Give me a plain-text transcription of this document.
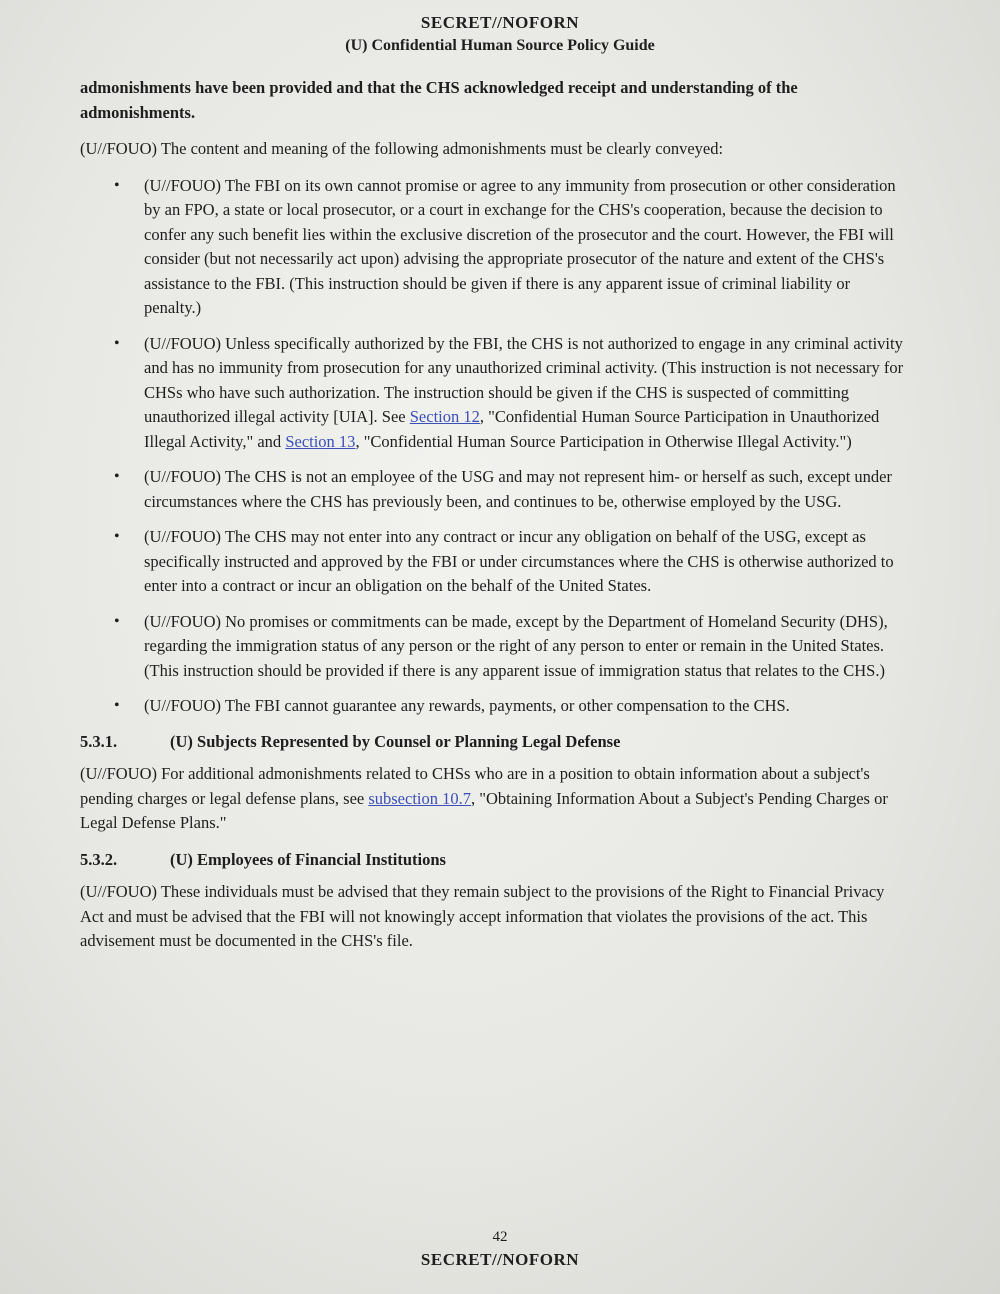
SECRET//NOFORN
(U) Confidential Human Source Policy Guide

admonishments have been provided and that the CHS acknowledged receipt and understanding of the admonishments.

(U//FOUO) The content and meaning of the following admonishments must be clearly conveyed:

• (U//FOUO) The FBI on its own cannot promise or agree to any immunity from prosecution or other consideration by an FPO, a state or local prosecutor, or a court in exchange for the CHS's cooperation, because the decision to confer any such benefit lies within the exclusive discretion of the prosecutor and the court. However, the FBI will consider (but not necessarily act upon) advising the appropriate prosecutor of the nature and extent of the CHS's assistance to the FBI. (This instruction should be given if there is any apparent issue of criminal liability or penalty.)
• (U//FOUO) Unless specifically authorized by the FBI, the CHS is not authorized to engage in any criminal activity and has no immunity from prosecution for any unauthorized criminal activity. (This instruction is not necessary for CHSs who have such authorization. The instruction should be given if the CHS is suspected of committing unauthorized illegal activity [UIA]. See Section 12, "Confidential Human Source Participation in Unauthorized Illegal Activity," and Section 13, "Confidential Human Source Participation in Otherwise Illegal Activity.")
• (U//FOUO) The CHS is not an employee of the USG and may not represent him- or herself as such, except under circumstances where the CHS has previously been, and continues to be, otherwise employed by the USG.
• (U//FOUO) The CHS may not enter into any contract or incur any obligation on behalf of the USG, except as specifically instructed and approved by the FBI or under circumstances where the CHS is otherwise authorized to enter into a contract or incur an obligation on the behalf of the United States.
• (U//FOUO) No promises or commitments can be made, except by the Department of Homeland Security (DHS), regarding the immigration status of any person or the right of any person to enter or remain in the United States. (This instruction should be provided if there is any apparent issue of immigration status that relates to the CHS.)
• (U//FOUO) The FBI cannot guarantee any rewards, payments, or other compensation to the CHS.
5.3.1.	(U) Subjects Represented by Counsel or Planning Legal Defense

(U//FOUO) For additional admonishments related to CHSs who are in a position to obtain information about a subject's pending charges or legal defense plans, see subsection 10.7, "Obtaining Information About a Subject's Pending Charges or Legal Defense Plans."

5.3.2.	(U) Employees of Financial Institutions

(U//FOUO) These individuals must be advised that they remain subject to the provisions of the Right to Financial Privacy Act and must be advised that the FBI will not knowingly accept information that violates the provisions of the act. This advisement must be documented in the CHS's file.

42
SECRET//NOFORN
